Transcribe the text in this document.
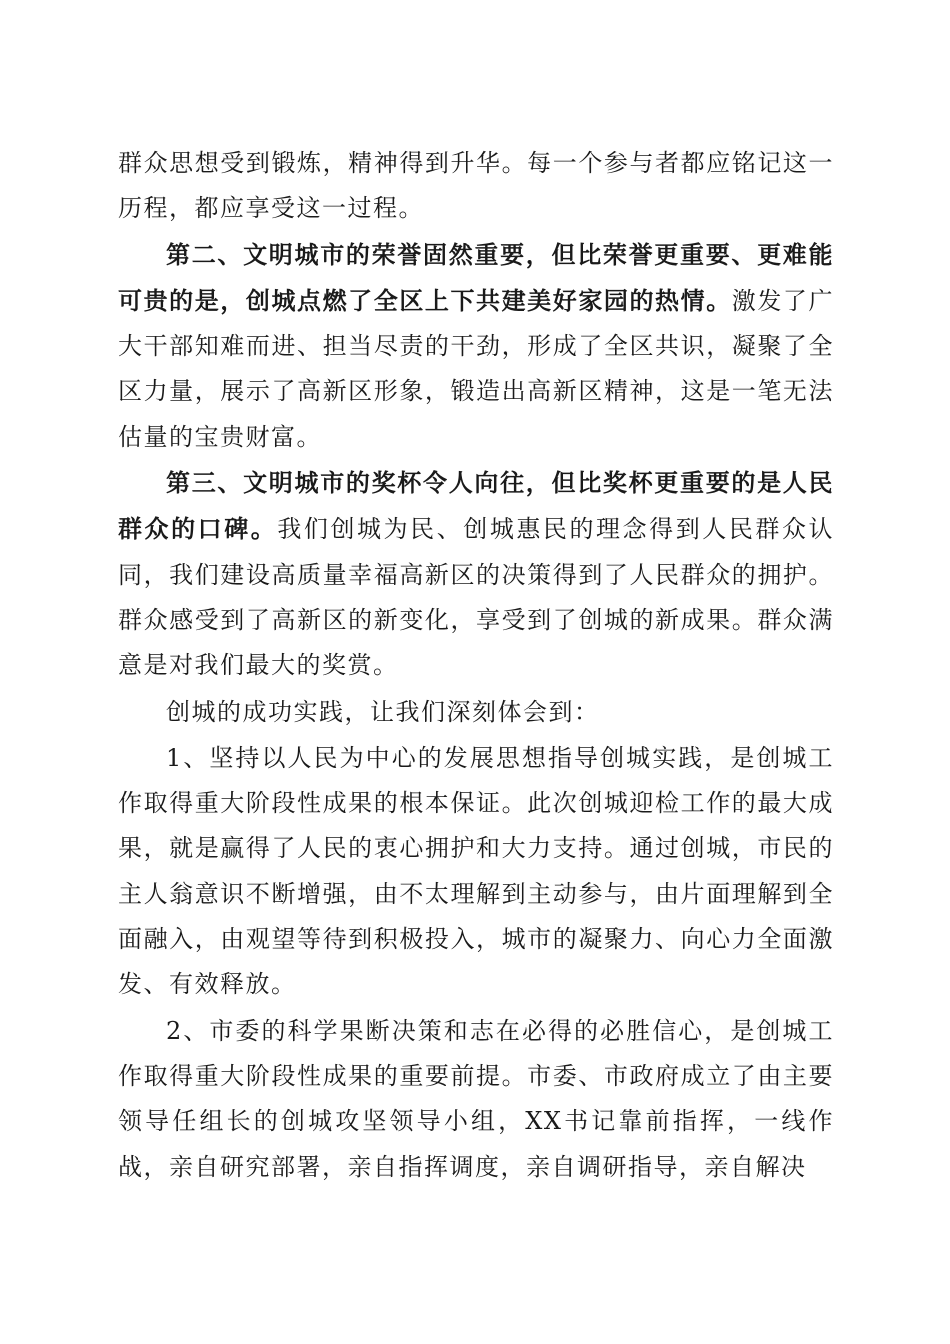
群众思想受到锻炼，精神得到升华。每一个参与者都应铭记这一历程，都应享受这一过程。

第二、文明城市的荣誉固然重要，但比荣誉更重要、更难能可贵的是，创城点燃了全区上下共建美好家园的热情。激发了广大干部知难而进、担当尽责的干劲，形成了全区共识，凝聚了全区力量，展示了高新区形象，锻造出高新区精神，这是一笔无法估量的宝贵财富。

第三、文明城市的奖杯令人向往，但比奖杯更重要的是人民群众的口碑。我们创城为民、创城惠民的理念得到人民群众认同，我们建设高质量幸福高新区的决策得到了人民群众的拥护。群众感受到了高新区的新变化，享受到了创城的新成果。群众满意是对我们最大的奖赏。

创城的成功实践，让我们深刻体会到：

1、坚持以人民为中心的发展思想指导创城实践，是创城工作取得重大阶段性成果的根本保证。此次创城迎检工作的最大成果，就是赢得了人民的衷心拥护和大力支持。通过创城，市民的主人翁意识不断增强，由不太理解到主动参与，由片面理解到全面融入，由观望等待到积极投入，城市的凝聚力、向心力全面激发、有效释放。

2、市委的科学果断决策和志在必得的必胜信心，是创城工作取得重大阶段性成果的重要前提。市委、市政府成立了由主要领导任组长的创城攻坚领导小组，XX书记靠前指挥，一线作战，亲自研究部署，亲自指挥调度，亲自调研指导，亲自解决
